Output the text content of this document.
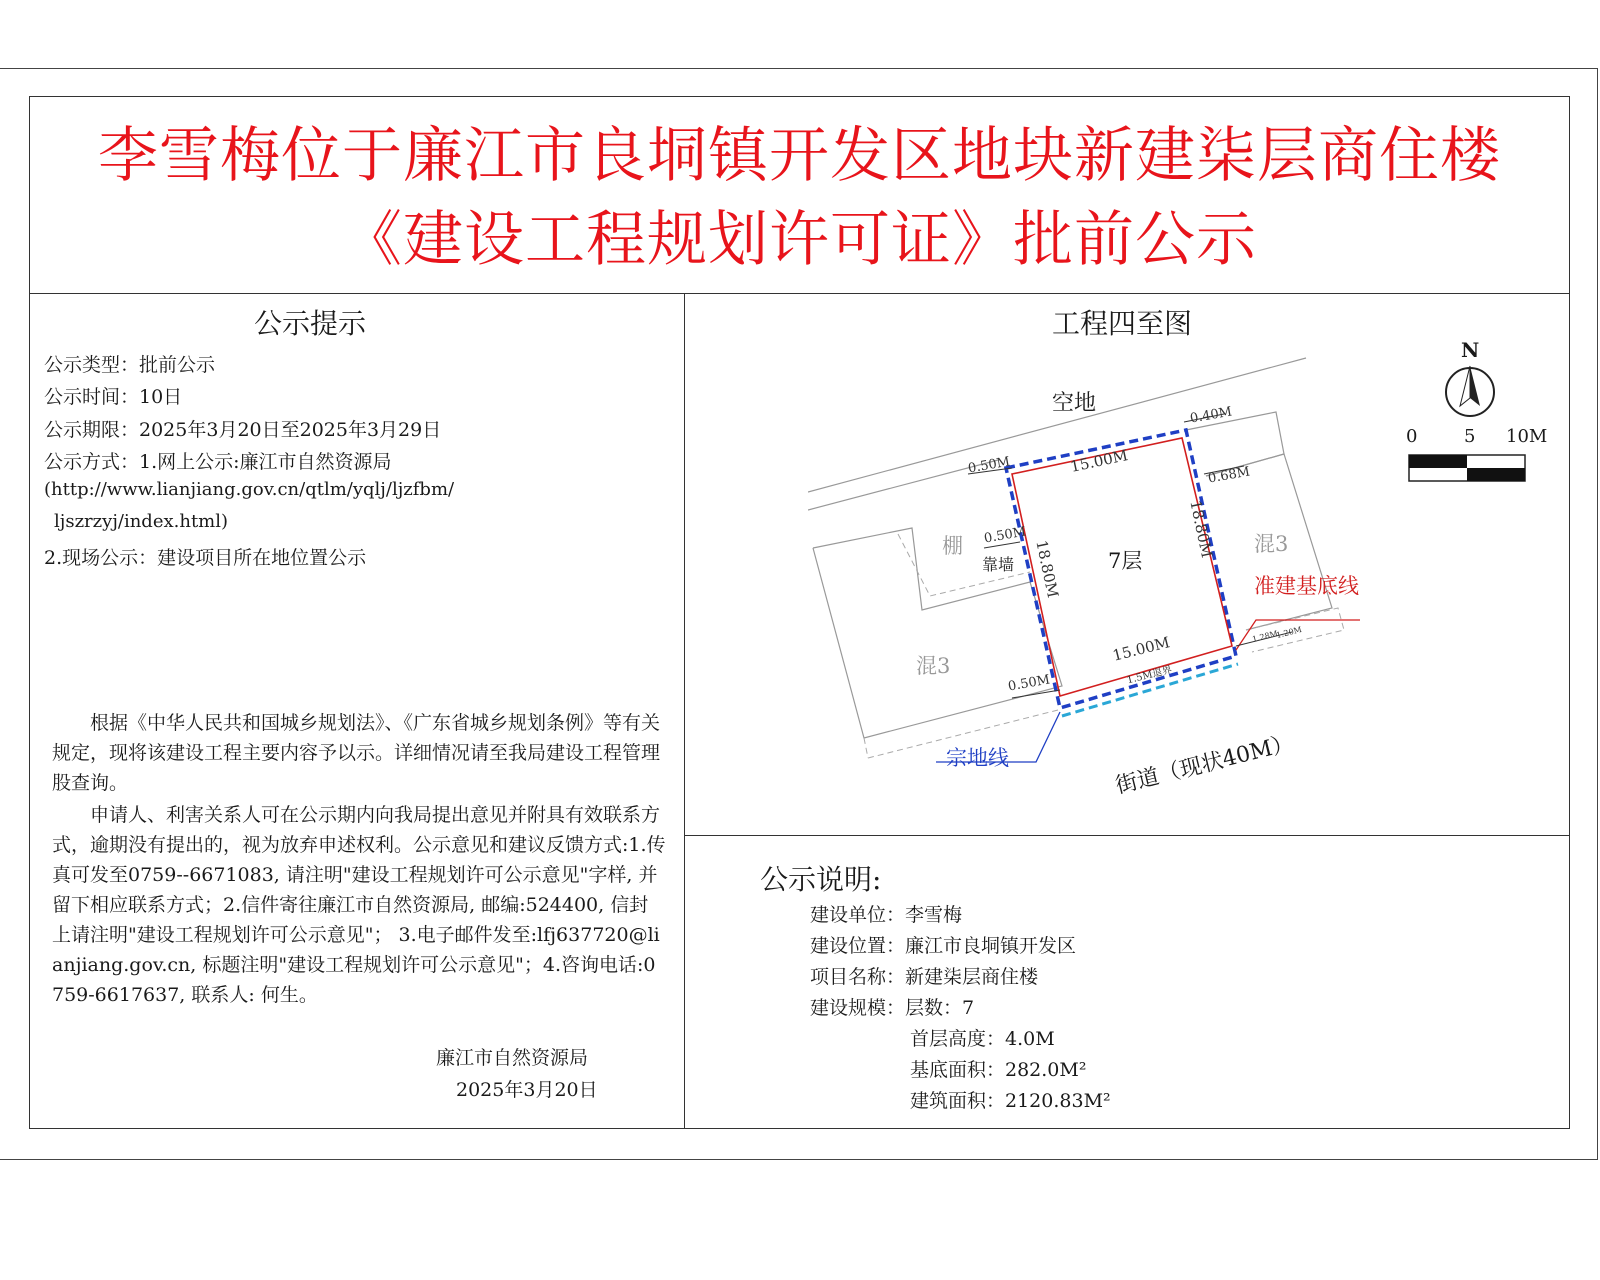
李雪梅位于廉江市良垌镇开发区地块新建柒层商住楼
《建设工程规划许可证》批前公示
公示提示
公示类型：批前公示
公示时间：10日
公示期限：2025年3月20日至2025年3月29日
公示方式：1.网上公示:廉江市自然资源局
(http://www.lianjiang.gov.cn/qtlm/yqlj/ljzfbm/
ljszrzyj/index.html)
2.现场公示：建设项目所在地位置公示
根据《中华人民共和国城乡规划法》、《广东省城乡规划条例》等有关规定，现将该建设工程主要内容予以示。详细情况请至我局建设工程管理股查询。
申请人、利害关系人可在公示期内向我局提出意见并附具有效联系方式，逾期没有提出的，视为放弃申述权利。公示意见和建议反馈方式:1.传真可发至0759--6671083, 请注明"建设工程规划许可公示意见"字样, 并留下相应联系方式；2.信件寄往廉江市自然资源局, 邮编:524400, 信封上请注明"建设工程规划许可公示意见"； 3.电子邮件发至:lfj637720@lianjiang.gov.cn, 标题注明"建设工程规划许可公示意见"；4.咨询电话:0759-6617637, 联系人: 何生。
廉江市自然资源局
2025年3月20日
工程四至图
N
0	5 10M
空地
棚
靠墙	7层
混3
混3
准建基底线
宗地线	街道（现状40M）
15.00M
15.00M
18.80M
18.80M
0.50M
0.40M
0.50M
0.68M
0.50M	1.5M退界
1.28M
1.20M
公示说明:
建设单位：李雪梅
建设位置：廉江市良垌镇开发区
项目名称：新建柒层商住楼
建设规模：层数：7
首层高度：4.0M
基底面积：282.0M²
建筑面积：2120.83M²
